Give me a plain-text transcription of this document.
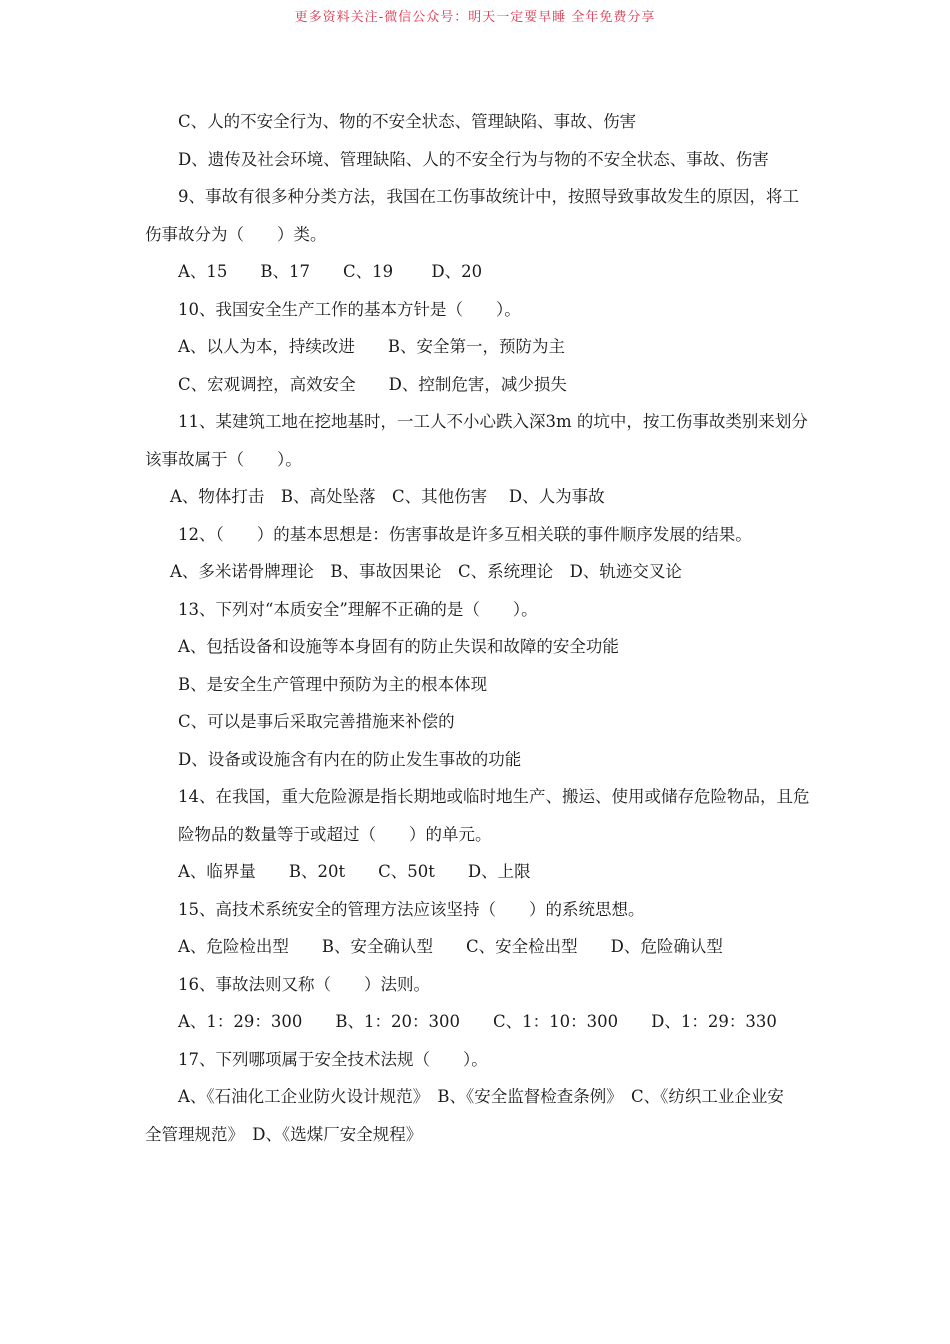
更多资料关注-微信公众号：明天一定要早睡 全年免费分享
C、人的不安全行为、物的不安全状态、管理缺陷、事故、伤害
D、遗传及社会环境、管理缺陷、人的不安全行为与物的不安全状态、事故、伤害
9、事故有很多种分类方法，我国在工伤事故统计中，按照导致事故发生的原因，将工
伤事故分为（　　）类。
A、15　　B、17　　C、19　　 D、20
10、我国安全生产工作的基本方针是（　　）。
A、以人为本，持续改进　　B、安全第一，预防为主
C、宏观调控，高效安全　　D、控制危害，减少损失
11、某建筑工地在挖地基时，一工人不小心跌入深3m 的坑中，按工伤事故类别来划分
该事故属于（　　）。
A、物体打击　B、高处坠落　C、其他伤害　 D、人为事故
12、（　　）的基本思想是：伤害事故是许多互相关联的事件顺序发展的结果。
A、多米诺骨牌理论　B、事故因果论　C、系统理论　D、轨迹交叉论
13、下列对“本质安全”理解不正确的是（　　）。
A、包括设备和设施等本身固有的防止失误和故障的安全功能
B、是安全生产管理中预防为主的根本体现
C、可以是事后采取完善措施来补偿的
D、设备或设施含有内在的防止发生事故的功能
14、在我国，重大危险源是指长期地或临时地生产、搬运、使用或储存危险物品，且危
险物品的数量等于或超过（　　）的单元。
A、临界量　　B、20t　　C、50t　　D、上限
15、高技术系统安全的管理方法应该坚持（　　）的系统思想。
A、危险检出型　　B、安全确认型　　C、安全检出型　　D、危险确认型
16、事故法则又称（　　）法则。
A、1：29：300　　B、1：20：300　　C、1：10：300　　D、1：29：330
17、下列哪项属于安全技术法规（　　）。
A、《石油化工企业防火设计规范》　B、《安全监督检查条例》　C、《纺织工业企业安
全管理规范》　D、《选煤厂安全规程》
